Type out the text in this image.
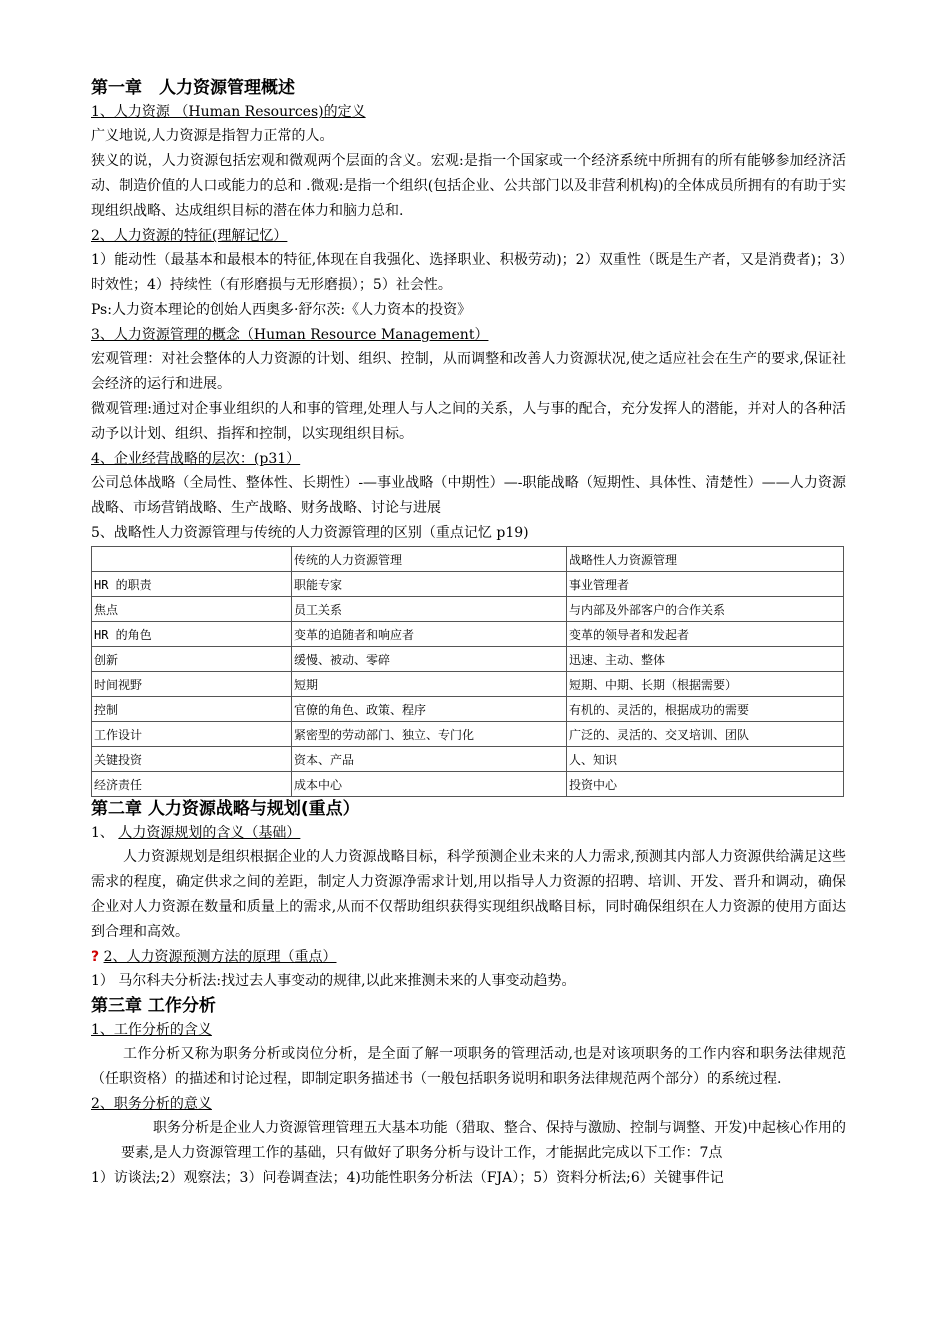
第一章　人力资源管理概述
1、人力资源 （Human Resources)的定义

广义地说,人力资源是指智力正常的人。

狭义的说，人力资源包括宏观和微观两个层面的含义。宏观:是指一个国家或一个经济系统中所拥有的所有能够参加经济活动、制造价值的人口或能力的总和 .微观:是指一个组织(包括企业、公共部门以及非营利机构)的全体成员所拥有的有助于实现组织战略、达成组织目标的潜在体力和脑力总和.

2、人力资源的特征(理解记忆）

1）能动性（最基本和最根本的特征,体现在自我强化、选择职业、积极劳动)；2）双重性（既是生产者，又是消费者)；3）时效性；4）持续性（有形磨损与无形磨损）；5）社会性。

Ps:人力资本理论的创始人西奥多·舒尔茨:《人力资本的投资》

3、人力资源管理的概念（Human Resource Management）

宏观管理：对社会整体的人力资源的计划、组织、控制，从而调整和改善人力资源状况,使之适应社会在生产的要求,保证社会经济的运行和进展。

微观管理:通过对企事业组织的人和事的管理,处理人与人之间的关系，人与事的配合，充分发挥人的潜能，并对人的各种活动予以计划、组织、指挥和控制，以实现组织目标。

4、企业经营战略的层次：(p31）

公司总体战略（全局性、整体性、长期性）-—事业战略（中期性）—-职能战略（短期性、具体性、清楚性）——人力资源战略、市场营销战略、生产战略、财务战略、讨论与进展

5、战略性人力资源管理与传统的人力资源管理的区别（重点记忆 p19)
	传统的人力资源管理	战略性人力资源管理
HR 的职责	职能专家	事业管理者
焦点	员工关系	与内部及外部客户的合作关系
HR 的角色	变革的追随者和响应者	变革的领导者和发起者
创新	缓慢、被动、零碎	迅速、主动、整体
时间视野	短期	短期、中期、长期（根据需要）
控制	官僚的角色、政策、程序	有机的、灵活的，根据成功的需要
工作设计	紧密型的劳动部门、独立、专门化	广泛的、灵活的、交叉培训、团队
关键投资	资本、产品	人、知识
经济责任	成本中心	投资中心
第二章 人力资源战略与规划(重点）
1、 人力资源规划的含义（基础）

人力资源规划是组织根据企业的人力资源战略目标，科学预测企业未来的人力需求,预测其内部人力资源供给满足这些需求的程度，确定供求之间的差距，制定人力资源净需求计划,用以指导人力资源的招聘、培训、开发、晋升和调动，确保企业对人力资源在数量和质量上的需求,从而不仅帮助组织获得实现组织战略目标，同时确保组织在人力资源的使用方面达到合理和高效。

? 2、人力资源预测方法的原理（重点）

1） 马尔科夫分析法:找过去人事变动的规律,以此来推测未来的人事变动趋势。

第三章 工作分析
1、工作分析的含义

工作分析又称为职务分析或岗位分析，是全面了解一项职务的管理活动,也是对该项职务的工作内容和职务法律规范（任职资格）的描述和讨论过程，即制定职务描述书（一般包括职务说明和职务法律规范两个部分）的系统过程.

2、职务分析的意义

职务分析是企业人力资源管理管理五大基本功能（猎取、整合、保持与激励、控制与调整、开发)中起核心作用的要素,是人力资源管理工作的基础，只有做好了职务分析与设计工作，才能据此完成以下工作：7点

1）访谈法;2）观察法；3）问卷调查法；4)功能性职务分析法（FJA）；5）资料分析法;6）关键事件记
